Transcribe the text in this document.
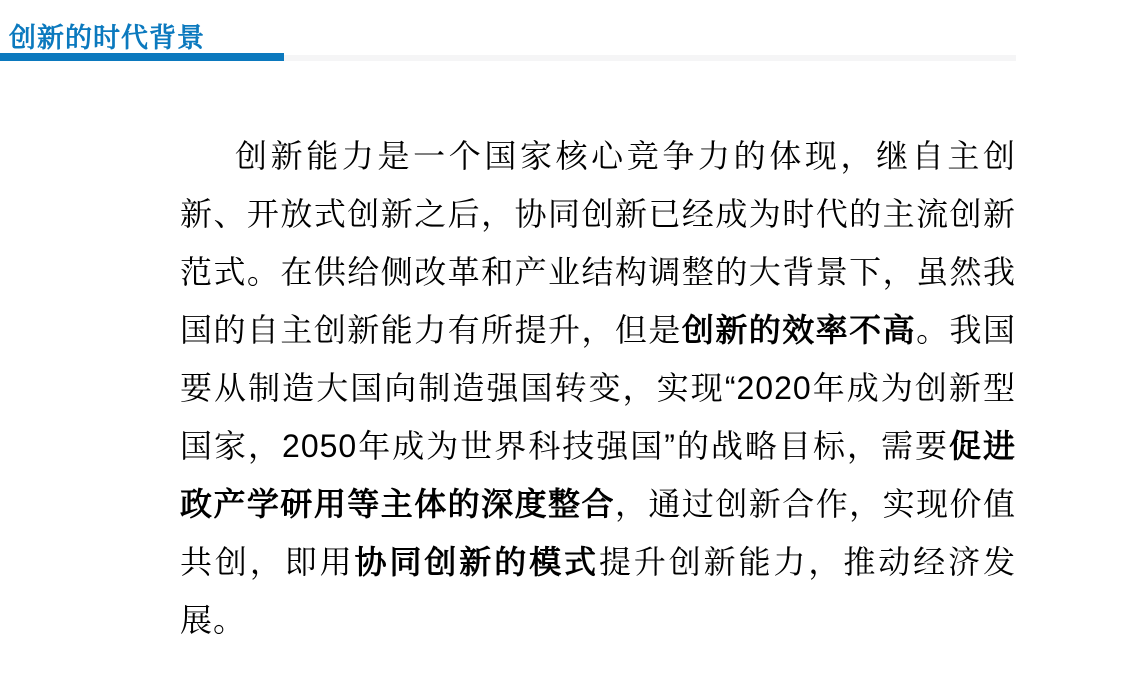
创新的时代背景
创新能力是一个国家核心竞争力的体现，继自主创新、开放式创新之后，协同创新已经成为时代的主流创新范式。在供给侧改革和产业结构调整的大背景下，虽然我国的自主创新能力有所提升，但是创新的效率不高。我国要从制造大国向制造强国转变，实现“2020年成为创新型国家，2050年成为世界科技强国”的战略目标，需要促进政产学研用等主体的深度整合，通过创新合作，实现价值共创，即用协同创新的模式提升创新能力，推动经济发展。
